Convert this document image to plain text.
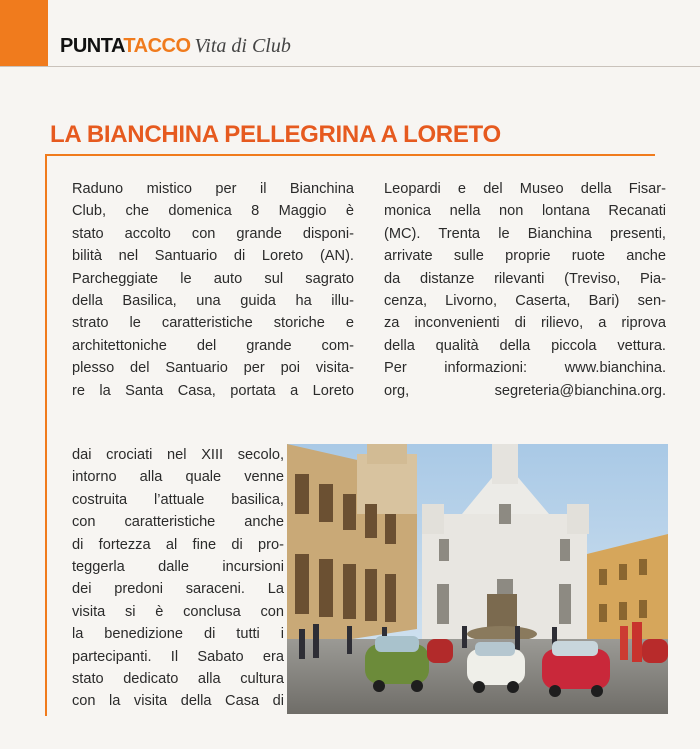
PUNTATACCO Vita di Club
LA BIANCHINA PELLEGRINA A LORETO
Raduno mistico per il Bianchina
Club, che domenica 8 Maggio è
stato accolto con grande disponi-
bilità nel Santuario di Loreto (AN).
Parcheggiate le auto sul sagrato
della Basilica, una guida ha illu-
strato le caratteristiche storiche e
architettoniche del grande com-
plesso del Santuario per poi visita-
re la Santa Casa, portata a Loreto
dai crociati nel XIII secolo,
intorno alla quale venne
costruita l’attuale basilica,
con caratteristiche anche
di fortezza al fine di pro-
teggerla dalle incursioni
dei predoni saraceni. La
visita si è conclusa con
la benedizione di tutti i
partecipanti. Il Sabato era
stato dedicato alla cultura
con la visita della Casa di
Leopardi e del Museo della Fisar-
monica nella non lontana Recanati
(MC). Trenta le Bianchina presenti,
arrivate sulle proprie ruote anche
da distanze rilevanti (Treviso, Pia-
cenza, Livorno, Caserta, Bari) sen-
za inconvenienti di rilievo, a riprova
della qualità della piccola vettura.
Per informazioni: www.bianchina.
org, segreteria@bianchina.org.
